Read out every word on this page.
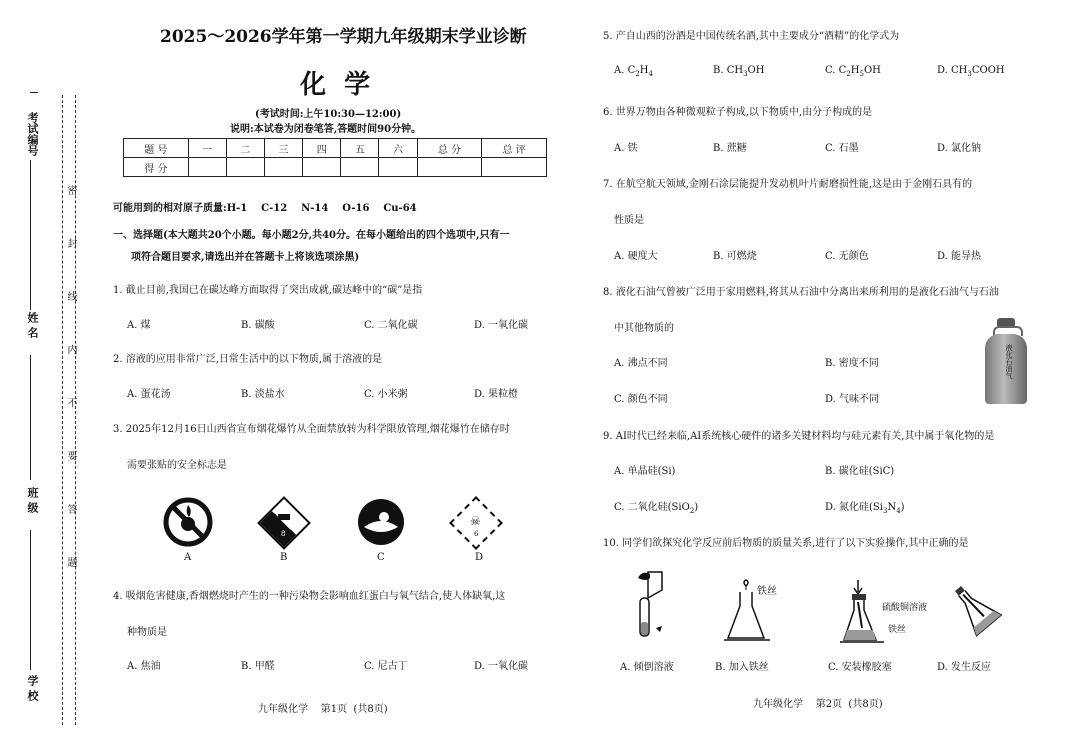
考试编号
姓 名
班 级
学 校
密 封 线 内 不 要 答 题
2025～2026学年第一学期九年级期末学业诊断
化  学
(考试时间:上午10:30—12:00)
说明:本试卷为闭卷笔答,答题时间90分钟。
题 号	一	二	三	四	五	六	总 分	总 评
得 分								
可能用到的相对原子质量:H-1    C-12    N-14    O-16    Cu-64
一、选择题(本大题共20个小题。每小题2分,共40分。在每小题给出的四个选项中,只有一
项符合题目要求,请选出并在答题卡上将该选项涂黑)
1. 截止目前,我国已在碳达峰方面取得了突出成就,碳达峰中的“碳”是指
A. 煤	B. 碳酸	C. 二氧化碳	D. 一氧化碳
2. 溶液的应用非常广泛,日常生活中的以下物质,属于溶液的是
A. 蛋花汤	B. 淡盐水	C. 小米粥	D. 果粒橙
3. 2025年12月16日山西省宣布烟花爆竹从全面禁放转为科学限放管理,烟花爆竹在储存时
需要张贴的安全标志是
A
8
B	C
☠
6
D
4. 吸烟危害健康,香烟燃烧时产生的一种污染物会影响血红蛋白与氧气结合,使人体缺氧,这
种物质是
A. 焦油	B. 甲醛	C. 尼古丁	D. 一氧化碳
九年级化学    第1页  (共8页)
5. 产自山西的汾酒是中国传统名酒,其中主要成分“酒精”的化学式为
A. $C_2H_4$	B. $CH_3OH$	C. $C_2H_5OH$	D. $CH_3COOH$
6. 世界万物由各种微观粒子构成,以下物质中,由分子构成的是
A. 铁	B. 蔗糖	C. 石墨	D. 氯化钠
7. 在航空航天领域,金刚石涂层能提升发动机叶片耐磨损性能,这是由于金刚石具有的
性质是
A. 硬度大	B. 可燃烧	C. 无颜色	D. 能导热
8. 液化石油气曾被广泛用于家用燃料,将其从石油中分离出来所利用的是液化石油气与石油
中其他物质的
A. 沸点不同	B. 密度不同
C. 颜色不同	D. 气味不同
液化石油气
9. AI时代已经来临,AI系统核心硬件的诸多关键材料均与硅元素有关,其中属于氧化物的是
A. 单晶硅(Si)	B. 碳化硅(SiC)
C. 二氧化硅(SiO$_2$)	D. 氮化硅$(Si_3N_4)$
10. 同学们欲探究化学反应前后物质的质量关系,进行了以下实验操作,其中正确的是
A. 倾倒溶液
铁丝
B. 加入铁丝
硫酸铜溶液
铁丝
C. 安装橡胶塞	D. 发生反应
九年级化学    第2页  (共8页)
